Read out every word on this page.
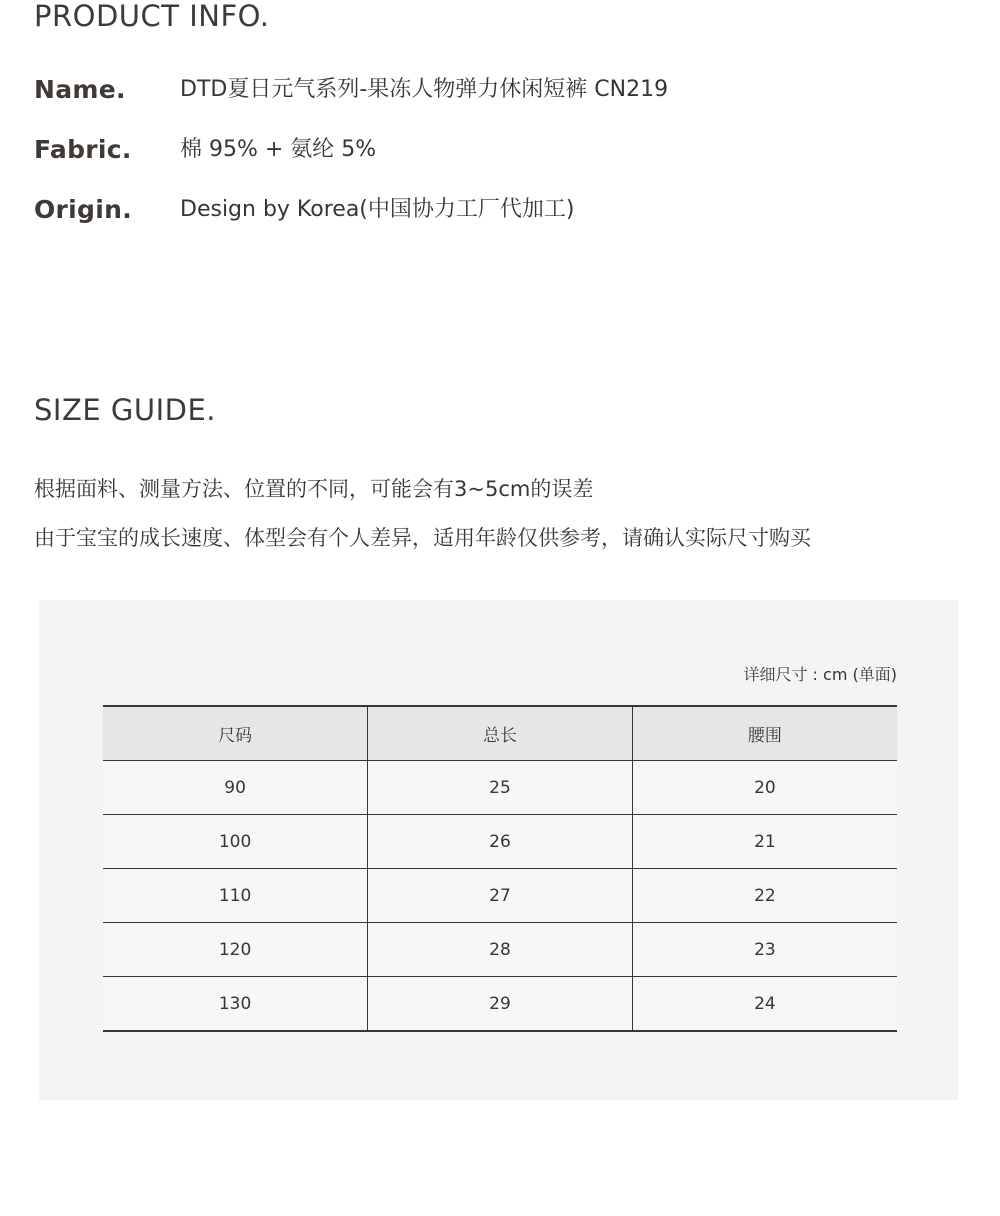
PRODUCT INFO.
Name. DTD夏日元气系列-果冻人物弹力休闲短裤 CN219
Fabric. 棉 95% + 氨纶 5%
Origin. Design by Korea(中国协力工厂代加工)
SIZE GUIDE.

根据面料、测量方法、位置的不同，可能会有3~5cm的误差

由于宝宝的成长速度、体型会有个人差异，适用年龄仅供参考，请确认实际尺寸购买

详细尺寸 : cm (单面)
尺码	总长	腰围
90	25	20
100	26	21
110	27	22
120	28	23
130	29	24
